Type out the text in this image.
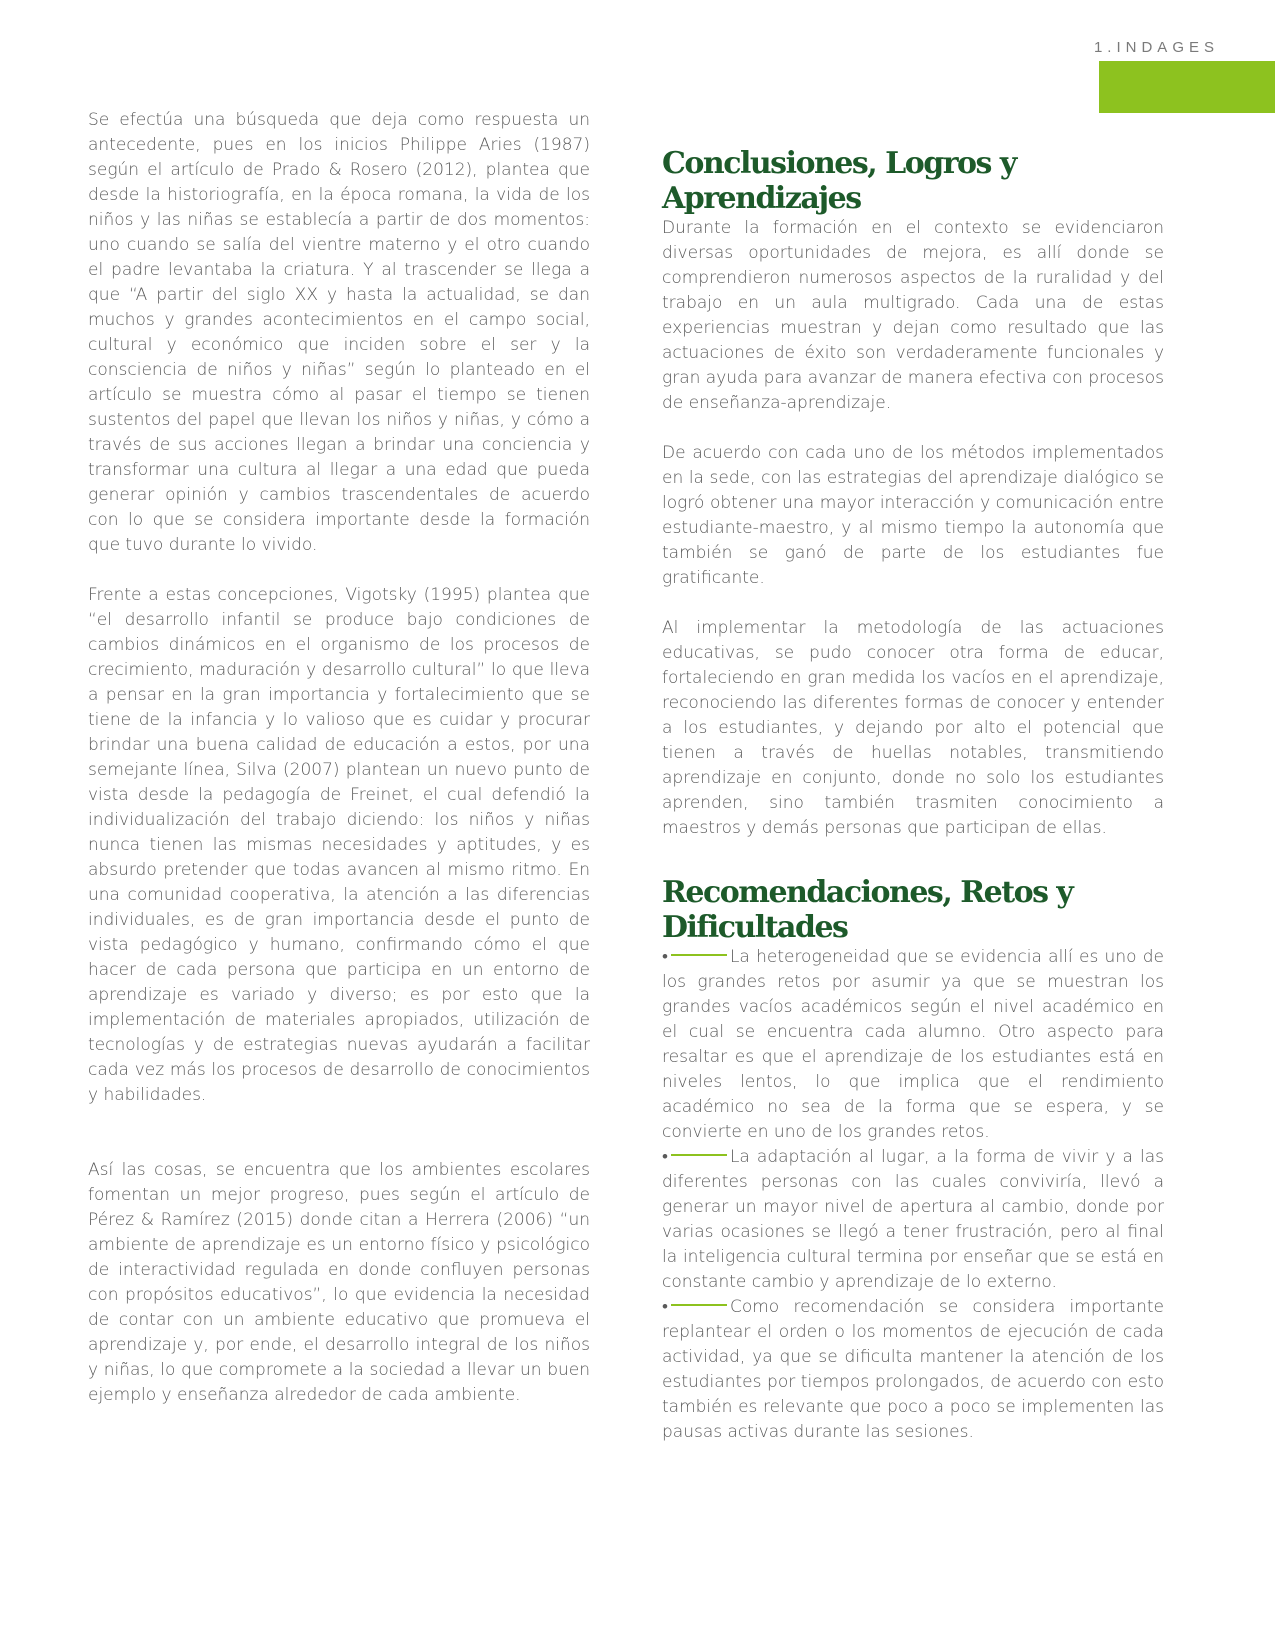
1.INDAGES

Se efectúa una búsqueda que deja como respuesta un antecedente, pues en los inicios Philippe Aries (1987) según el artículo de Prado & Rosero (2012), plantea que desde la historiografía, en la época romana, la vida de los niños y las niñas se establecía a partir de dos momentos: uno cuando se salía del vientre materno y el otro cuando el padre levantaba la criatura. Y al trascender se llega a que “A partir del siglo XX y hasta la actualidad, se dan muchos y grandes acontecimientos en el campo social, cultural y económico que inciden sobre el ser y la consciencia de niños y niñas” según lo planteado en el artículo se muestra cómo al pasar el tiempo se tienen sustentos del papel que llevan los niños y niñas, y cómo a través de sus acciones llegan a brindar una conciencia y transformar una cultura al llegar a una edad que pueda generar opinión y cambios trascendentales de acuerdo con lo que se considera importante desde la formación que tuvo durante lo vivido.

Frente a estas concepciones, Vigotsky (1995) plantea que “el desarrollo infantil se produce bajo condiciones de cambios dinámicos en el organismo de los procesos de crecimiento, maduración y desarrollo cultural” lo que lleva a pensar en la gran importancia y fortalecimiento que se tiene de la infancia y lo valioso que es cuidar y procurar brindar una buena calidad de educación a estos, por una semejante línea, Silva (2007) plantean un nuevo punto de vista desde la pedagogía de Freinet, el cual defendió la individualización del trabajo diciendo: los niños y niñas nunca tienen las mismas necesidades y aptitudes, y es absurdo pretender que todas avancen al mismo ritmo. En una comunidad cooperativa, la atención a las diferencias individuales, es de gran importancia desde el punto de vista pedagógico y humano, confirmando cómo el que hacer de cada persona que participa en un entorno de aprendizaje es variado y diverso; es por esto que la implementación de materiales apropiados, utilización de tecnologías y de estrategias nuevas ayudarán a facilitar cada vez más los procesos de desarrollo de conocimientos y habilidades.

Así las cosas, se encuentra que los ambientes escolares fomentan un mejor progreso, pues según el artículo de Pérez & Ramírez (2015) donde citan a Herrera (2006) “un ambiente de aprendizaje es un entorno físico y psicológico de interactividad regulada en donde confluyen personas con propósitos educativos”, lo que evidencia la necesidad de contar con un ambiente educativo que promueva el aprendizaje y, por ende, el desarrollo integral de los niños y niñas, lo que compromete a la sociedad a llevar un buen ejemplo y enseñanza alrededor de cada ambiente.

Conclusiones, Logros y Aprendizajes

Durante la formación en el contexto se evidenciaron diversas oportunidades de mejora, es allí donde se comprendieron numerosos aspectos de la ruralidad y del trabajo en un aula multigrado. Cada una de estas experiencias muestran y dejan como resultado que las actuaciones de éxito son verdaderamente funcionales y gran ayuda para avanzar de manera efectiva con procesos de enseñanza-aprendizaje.

De acuerdo con cada uno de los métodos implementados en la sede, con las estrategias del aprendizaje dialógico se logró obtener una mayor interacción y comunicación entre estudiante-maestro, y al mismo tiempo la autonomía que también se ganó de parte de los estudiantes fue gratificante.

Al implementar la metodología de las actuaciones educativas, se pudo conocer otra forma de educar, fortaleciendo en gran medida los vacíos en el aprendizaje, reconociendo las diferentes formas de conocer y entender a los estudiantes, y dejando por alto el potencial que tienen a través de huellas notables, transmitiendo aprendizaje en conjunto, donde no solo los estudiantes aprenden, sino también trasmiten conocimiento a maestros y demás personas que participan de ellas.

Recomendaciones, Retos y Dificultades

•	La heterogeneidad que se evidencia allí es uno de los grandes retos por asumir ya que se muestran los grandes vacíos académicos según el nivel académico en el cual se encuentra cada alumno. Otro aspecto para resaltar es que el aprendizaje de los estudiantes está en niveles lentos, lo que implica que el rendimiento académico no sea de la forma que se espera, y se convierte en uno de los grandes retos.

•	La adaptación al lugar, a la forma de vivir y a las diferentes personas con las cuales conviviría, llevó a generar un mayor nivel de apertura al cambio, donde por varias ocasiones se llegó a tener frustración, pero al final la inteligencia cultural termina por enseñar que se está en constante cambio y aprendizaje de lo externo.

•	Como recomendación se considera importante replantear el orden o los momentos de ejecución de cada actividad, ya que se dificulta mantener la atención de los estudiantes por tiempos prolongados, de acuerdo con esto también es relevante que poco a poco se implementen las pausas activas durante las sesiones.
